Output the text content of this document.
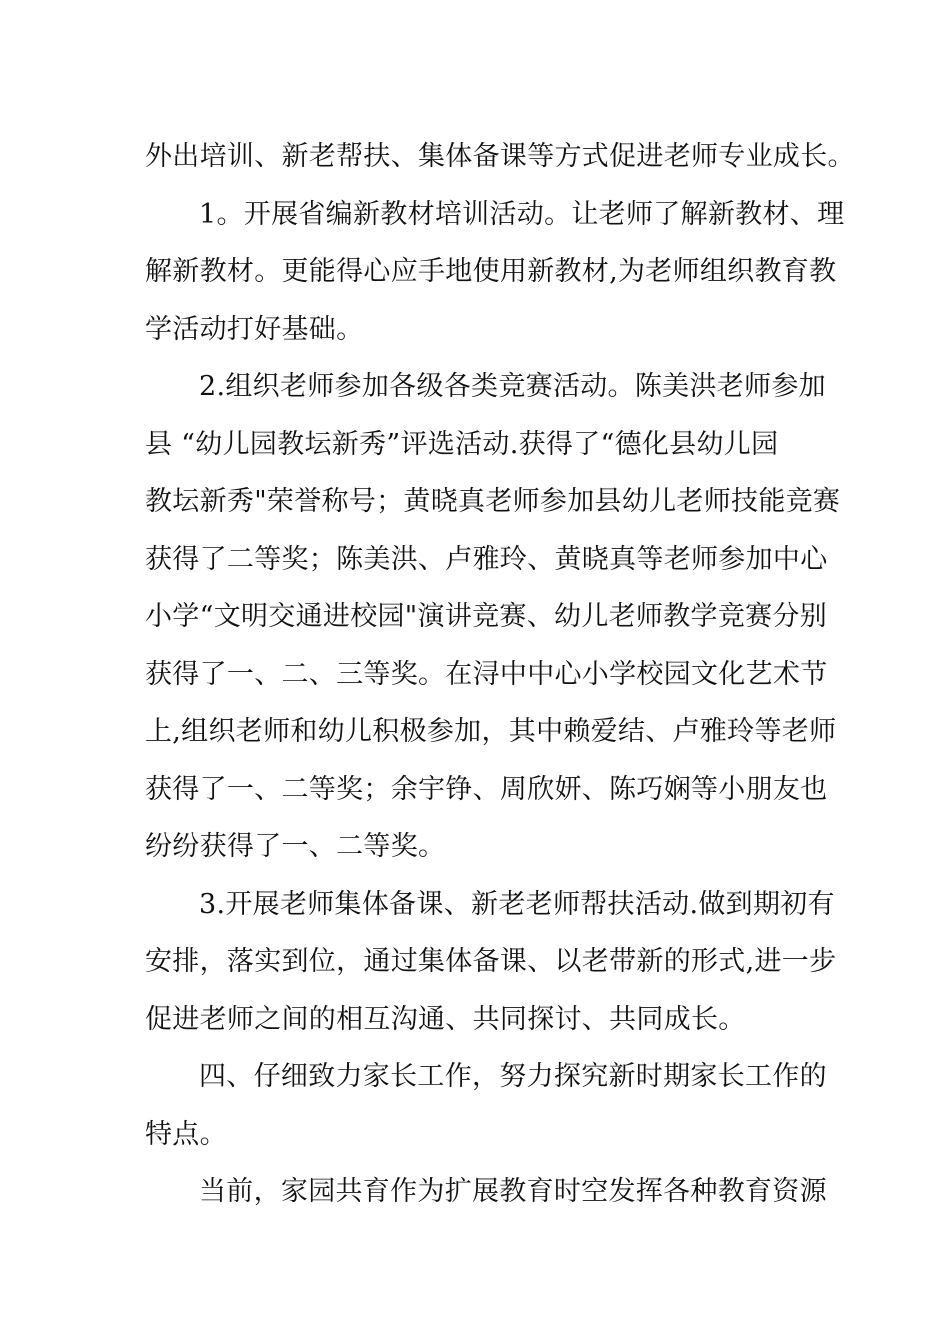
外出培训、新老帮扶、集体备课等方式促进老师专业成长。
1。开展省编新教材培训活动。让老师了解新教材、理
解新教材。更能得心应手地使用新教材,为老师组织教育教
学活动打好基础。
2.组织老师参加各级各类竞赛活动。陈美洪老师参加
县 “幼儿园教坛新秀”评选活动.获得了“德化县幼儿园
教坛新秀"荣誉称号；黄晓真老师参加县幼儿老师技能竞赛
获得了二等奖；陈美洪、卢雅玲、黄晓真等老师参加中心
小学“文明交通进校园"演讲竞赛、幼儿老师教学竞赛分别
获得了一、二、三等奖。在浔中中心小学校园文化艺术节
上,组织老师和幼儿积极参加，其中赖爱结、卢雅玲等老师
获得了一、二等奖；余宇铮、周欣妍、陈巧娴等小朋友也
纷纷获得了一、二等奖。
3.开展老师集体备课、新老老师帮扶活动.做到期初有
安排，落实到位，通过集体备课、以老带新的形式,进一步
促进老师之间的相互沟通、共同探讨、共同成长。
四、仔细致力家长工作，努力探究新时期家长工作的
特点。
当前，家园共育作为扩展教育时空发挥各种教育资源
